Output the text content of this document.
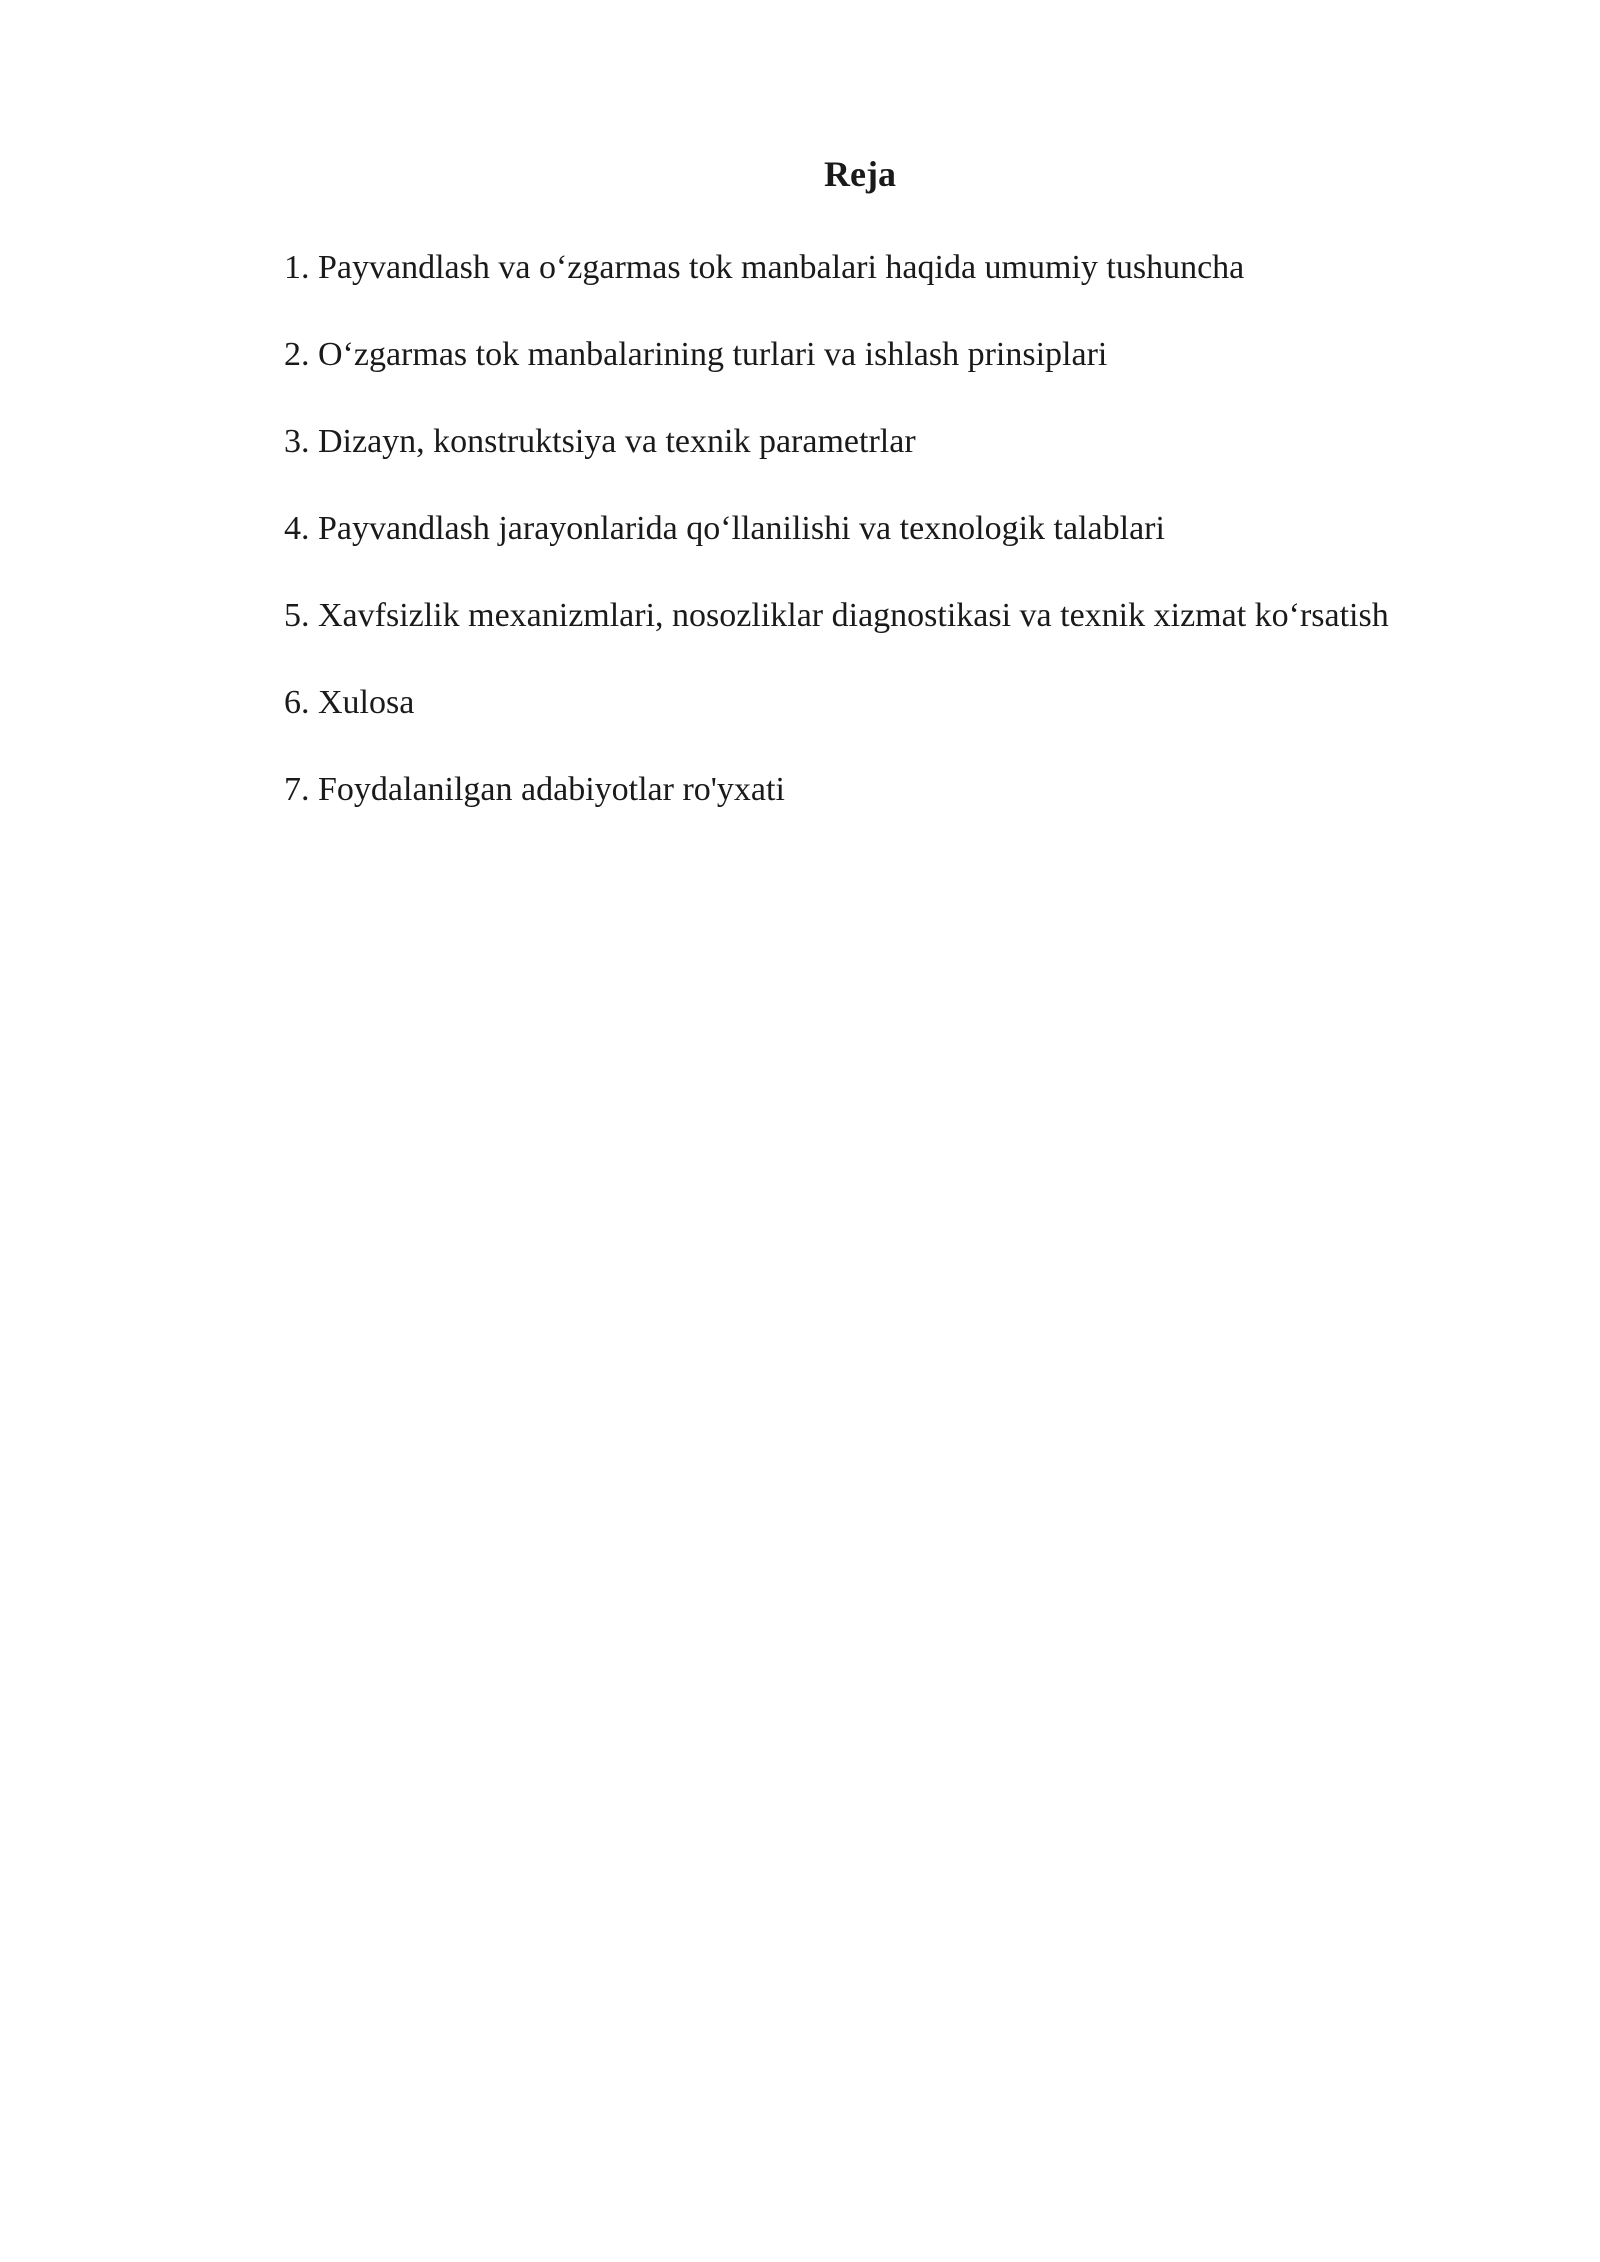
Reja
1. Payvandlash va o‘zgarmas tok manbalari haqida umumiy tushuncha
2. O‘zgarmas tok manbalarining turlari va ishlash prinsiplari
3. Dizayn, konstruktsiya va texnik parametrlar
4. Payvandlash jarayonlarida qo‘llanilishi va texnologik talablari
5. Xavfsizlik mexanizmlari, nosozliklar diagnostikasi va texnik xizmat ko‘rsatish
6. Xulosa
7. Foydalanilgan adabiyotlar ro'yxati
